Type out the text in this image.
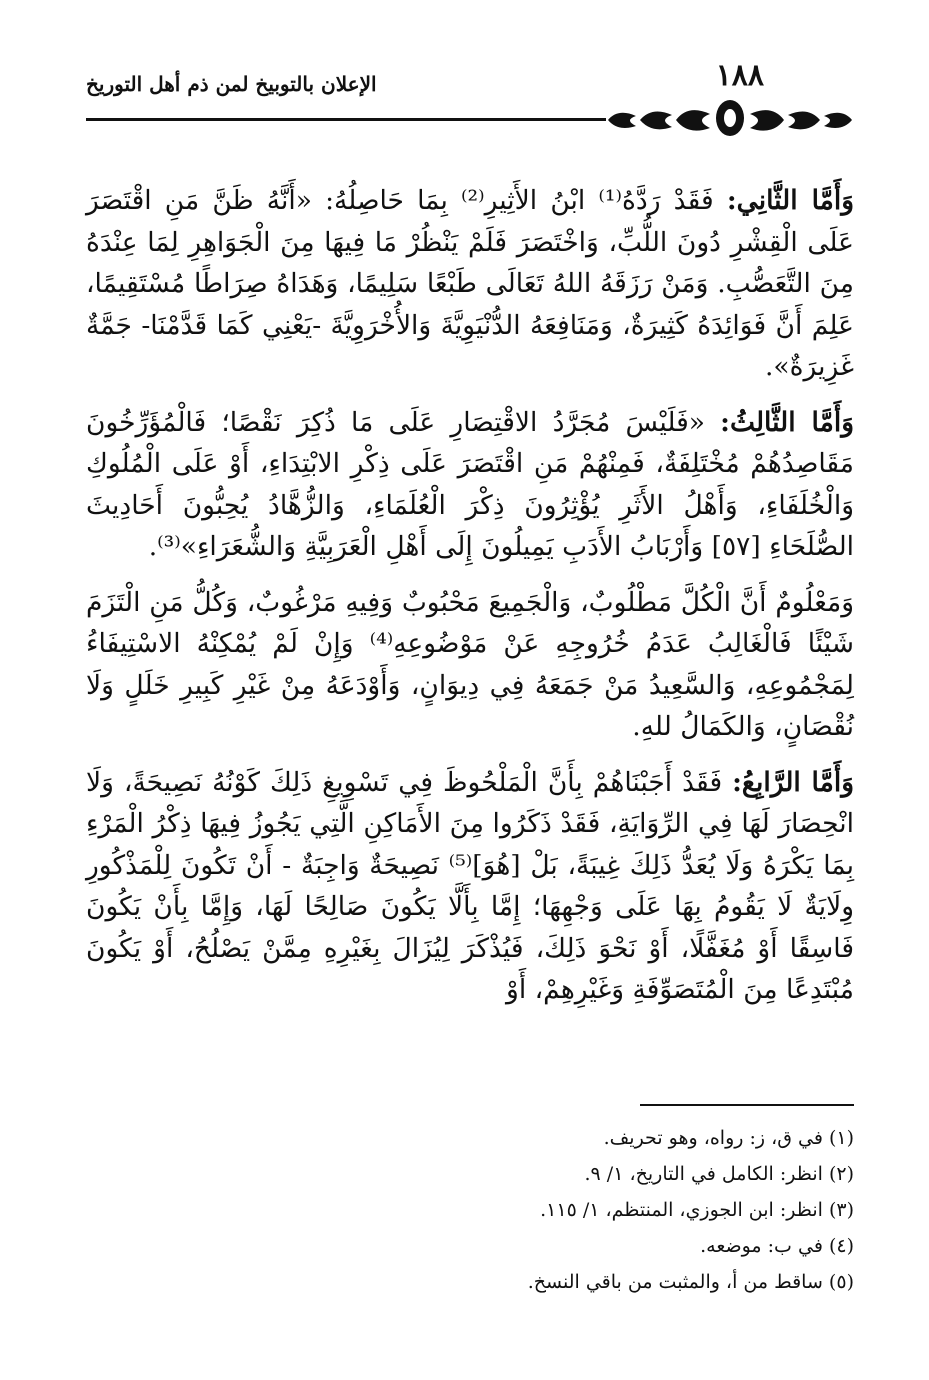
١٨٨
الإعلان بالتوبيخ لمن ذم أهل التوريخ

وَأَمَّا الثَّانِي: فَقَدْ رَدَّهُ⁽¹⁾ ابْنُ الأَثِيرِ⁽²⁾ بِمَا حَاصِلُهُ: «أَنَّهُ ظَنَّ مَنِ اقْتَصَرَ عَلَى الْقِشْرِ دُونَ اللُّبِّ، وَاخْتَصَرَ فَلَمْ يَنْظُرْ مَا فِيهَا مِنَ الْجَوَاهِرِ لِمَا عِنْدَهُ مِنَ التَّعَصُّبِ. وَمَنْ رَزَقَهُ اللهُ تَعَالَى طَبْعًا سَلِيمًا، وَهَدَاهُ صِرَاطًا مُسْتَقِيمًا، عَلِمَ أَنَّ فَوَائِدَهُ كَثِيرَةٌ، وَمَنَافِعَهُ الدُّنْيَوِيَّةَ وَالأُخْرَوِيَّةَ -يَعْنِي كَمَا قَدَّمْنَا- جَمَّةٌ غَزِيرَةٌ».

وَأَمَّا الثَّالِثُ: «فَلَيْسَ مُجَرَّدُ الاقْتِصَارِ عَلَى مَا ذُكِرَ نَقْصًا؛ فَالْمُؤَرِّخُونَ مَقَاصِدُهُمْ مُخْتَلِفَةٌ، فَمِنْهُمْ مَنِ اقْتَصَرَ عَلَى ذِكْرِ الابْتِدَاءِ، أَوْ عَلَى الْمُلُوكِ وَالْخُلَفَاءِ، وَأَهْلُ الأَثَرِ يُؤْثِرُونَ ذِكْرَ الْعُلَمَاءِ، وَالزُّهَّادُ يُحِبُّونَ أَحَادِيثَ الصُّلَحَاءِ [٥٧] وَأَرْبَابُ الأَدَبِ يَمِيلُونَ إِلَى أَهْلِ الْعَرَبِيَّةِ وَالشُّعَرَاءِ»⁽³⁾.

وَمَعْلُومٌ أَنَّ الْكُلَّ مَطْلُوبٌ، وَالْجَمِيعَ مَحْبُوبٌ وَفِيهِ مَرْغُوبٌ، وَكُلُّ مَنِ الْتَزَمَ شَيْئًا فَالْغَالِبُ عَدَمُ خُرُوجِهِ عَنْ مَوْضُوعِهِ⁽⁴⁾ وَإِنْ لَمْ يُمْكِنْهُ الاسْتِيفَاءُ لِمَجْمُوعِهِ، وَالسَّعِيدُ مَنْ جَمَعَهُ فِي دِيوَانٍ، وَأَوْدَعَهُ مِنْ غَيْرِ كَبِيرِ خَلَلٍ وَلَا نُقْصَانٍ، وَالكَمَالُ للهِ.

وَأَمَّا الرَّابِعُ: فَقَدْ أَجَبْنَاهُمْ بِأَنَّ الْمَلْحُوظَ فِي تَسْوِيغِ ذَلِكَ كَوْنُهُ نَصِيحَةً، وَلَا انْحِصَارَ لَهَا فِي الرِّوَايَةِ، فَقَدْ ذَكَرُوا مِنَ الأَمَاكِنِ الَّتِي يَجُوزُ فِيهَا ذِكْرُ الْمَرْءِ بِمَا يَكْرَهُ وَلَا يُعَدُّ ذَلِكَ غِيبَةً، بَلْ [هُوَ]⁽⁵⁾ نَصِيحَةٌ وَاجِبَةٌ - أَنْ تَكُونَ لِلْمَذْكُورِ وِلَايَةٌ لَا يَقُومُ بِهَا عَلَى وَجْهِهَا؛ إِمَّا بِأَلَّا يَكُونَ صَالِحًا لَهَا، وَإِمَّا بِأَنْ يَكُونَ فَاسِقًا أَوْ مُغَفَّلًا، أَوْ نَحْوَ ذَلِكَ، فَيُذْكَرَ لِيُزَالَ بِغَيْرِهِ مِمَّنْ يَصْلُحُ، أَوْ يَكُونَ مُبْتَدِعًا مِنَ الْمُتَصَوِّفَةِ وَغَيْرِهِمْ، أَوْ

(١) في ق، ز: رواه، وهو تحريف.

(٢) انظر: الكامل في التاريخ، ١/ ٩.

(٣) انظر: ابن الجوزي، المنتظم، ١/ ١١٥.

(٤) في ب: موضعه.

(٥) ساقط من أ، والمثبت من باقي النسخ.
